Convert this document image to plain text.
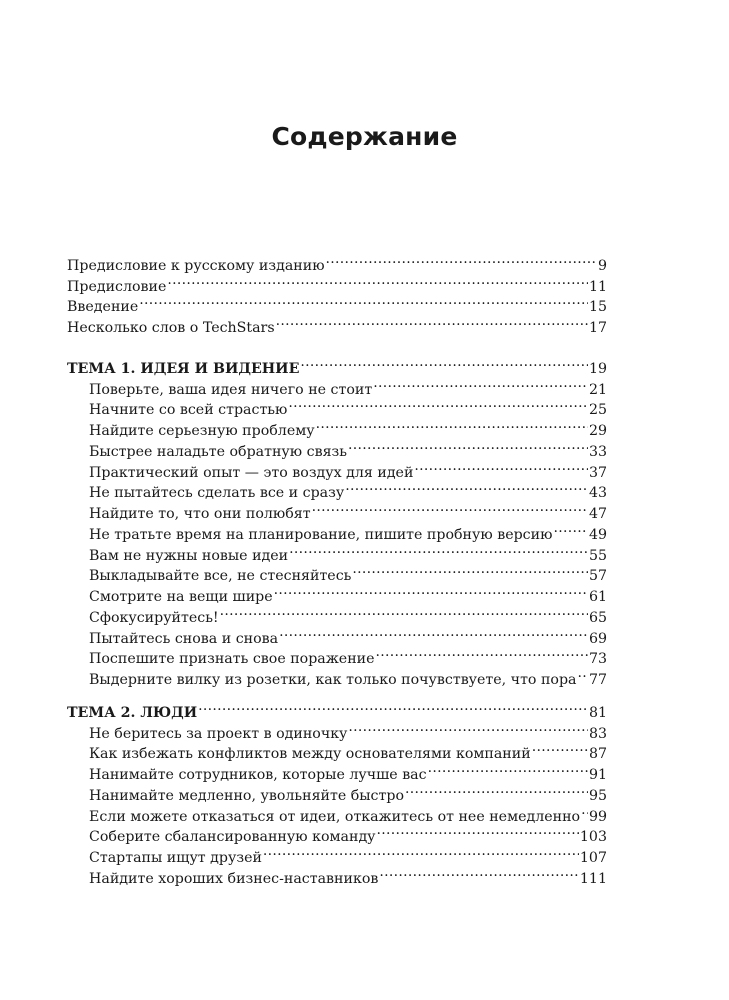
Содержание
Предисловие к русскому изданию .....	9
Предисловие .....	11
Введение .....	15
Несколько слов о TechStars .....	17
ТЕМА 1. ИДЕЯ И ВИДЕНИЕ .....	19
Поверьте, ваша идея ничего не стоит .....	21
Начните со всей страстью .....	25
Найдите серьезную проблему .....	29
Быстрее наладьте обратную связь .....	33
Практический опыт — это воздух для идей .....	37
Не пытайтесь сделать все и сразу .....	43
Найдите то, что они полюбят .....	47
Не тратьте время на планирование, пишите пробную версию .....	49
Вам не нужны новые идеи .....	55
Выкладывайте все, не стесняйтесь .....	57
Смотрите на вещи шире .....	61
Сфокусируйтесь! .....	65
Пытайтесь снова и снова .....	69
Поспешите признать свое поражение .....	73
Выдерните вилку из розетки, как только почувствуете, что пора ..... 77
ТЕМА 2. ЛЮДИ .....	81
Не беритесь за проект в одиночку .....	83
Как избежать конфликтов между основателями компаний .....	87
Нанимайте сотрудников, которые лучше вас .....	91
Нанимайте медленно, увольняйте быстро .....	95
Если можете отказаться от идеи, откажитесь от нее немедленно ..... 99
Соберите сбалансированную команду .....	103
Стартапы ищут друзей .....	107
Найдите хороших бизнес-наставников .....	111
